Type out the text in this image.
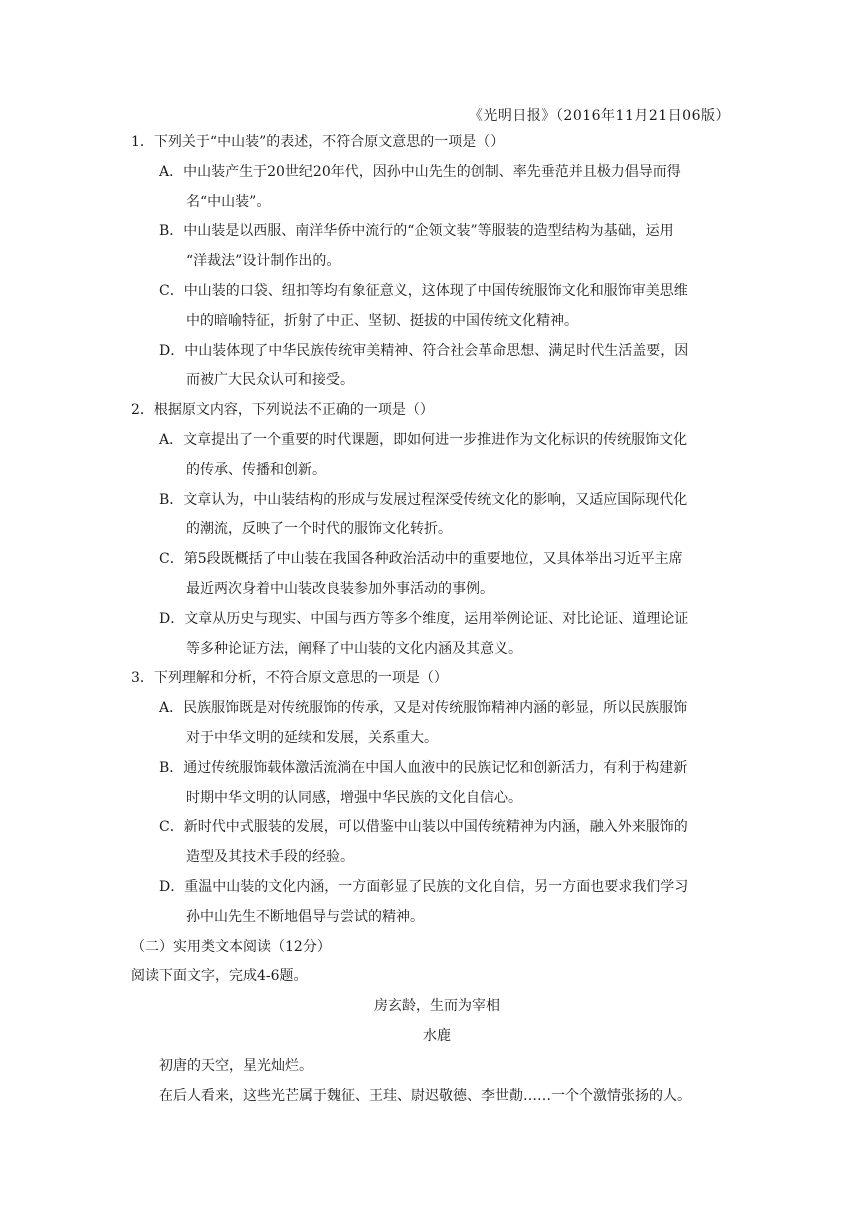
《光明日报》（2016年11月21日06版）
1．下列关于“中山装”的表述，不符合原文意思的一项是（）
A．中山装产生于20世纪20年代，因孙中山先生的创制、率先垂范并且极力倡导而得
名“中山装”。
B．中山装是以西服、南洋华侨中流行的“企领文装”等服装的造型结构为基础，运用
“洋裁法”设计制作出的。
C．中山装的口袋、纽扣等均有象征意义，这体现了中国传统服饰文化和服饰审美思维
中的暗喻特征，折射了中正、坚韧、挺拔的中国传统文化精神。
D．中山装体现了中华民族传统审美精神、符合社会革命思想、满足时代生活盖要，因
而被广大民众认可和接受。
2．根据原文内容，下列说法不正确的一项是（）
A．文章提出了一个重要的时代课题，即如何进一步推进作为文化标识的传统服饰文化
的传承、传播和创新。
B．文章认为，中山装结构的形成与发展过程深受传统文化的影响，又适应国际现代化
的潮流，反映了一个时代的服饰文化转折。
C．第5段既概括了中山装在我国各种政治活动中的重要地位，又具体举出习近平主席
最近两次身着中山装改良装参加外事活动的事例。
D．文章从历史与现实、中国与西方等多个维度，运用举例论证、对比论证、道理论证
等多种论证方法，阐释了中山装的文化内涵及其意义。
3．下列理解和分析，不符合原文意思的一项是（）
A．民族服饰既是对传统服饰的传承，又是对传统服饰精神内涵的彰显，所以民族服饰
对于中华文明的延续和发展，关系重大。
B．通过传统服饰载体激活流淌在中国人血液中的民族记忆和创新活力，有利于构建新
时期中华文明的认同感，增强中华民族的文化自信心。
C．新时代中式服装的发展，可以借鉴中山装以中国传统精神为内涵，融入外来服饰的
造型及其技术手段的经验。
D．重温中山装的文化内涵，一方面彰显了民族的文化自信，另一方面也要求我们学习
孙中山先生不断地倡导与尝试的精神。
（二）实用类文本阅读（12分）
阅读下面文字，完成4-6题。
房玄龄，生而为宰相
水鹿
初唐的天空，星光灿烂。
在后人看来，这些光芒属于魏征、王珪、尉迟敬德、李世勣……一个个激情张扬的人。
